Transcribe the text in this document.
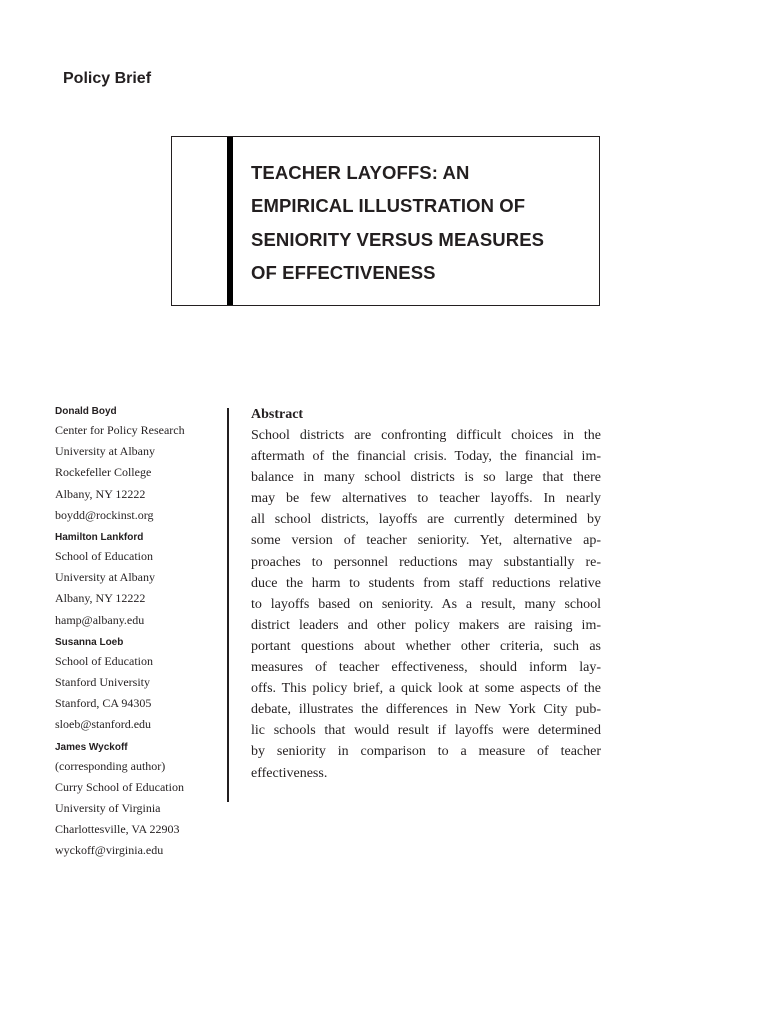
Policy Brief
TEACHER LAYOFFS: AN
EMPIRICAL ILLUSTRATION OF
SENIORITY VERSUS MEASURES
OF EFFECTIVENESS
Donald Boyd
Center for Policy Research
University at Albany
Rockefeller College
Albany, NY 12222
boydd@rockinst.org
Hamilton Lankford
School of Education
University at Albany
Albany, NY 12222
hamp@albany.edu
Susanna Loeb
School of Education
Stanford University
Stanford, CA 94305
sloeb@stanford.edu
James Wyckoff
(corresponding author)
Curry School of Education
University of Virginia
Charlottesville, VA 22903
wyckoff@virginia.edu
Abstract
School districts are confronting difficult choices in the
aftermath of the financial crisis. Today, the financial im-
balance in many school districts is so large that there
may be few alternatives to teacher layoffs. In nearly
all school districts, layoffs are currently determined by
some version of teacher seniority. Yet, alternative ap-
proaches to personnel reductions may substantially re-
duce the harm to students from staff reductions relative
to layoffs based on seniority. As a result, many school
district leaders and other policy makers are raising im-
portant questions about whether other criteria, such as
measures of teacher effectiveness, should inform lay-
offs. This policy brief, a quick look at some aspects of the
debate, illustrates the differences in New York City pub-
lic schools that would result if layoffs were determined
by seniority in comparison to a measure of teacher
effectiveness.
